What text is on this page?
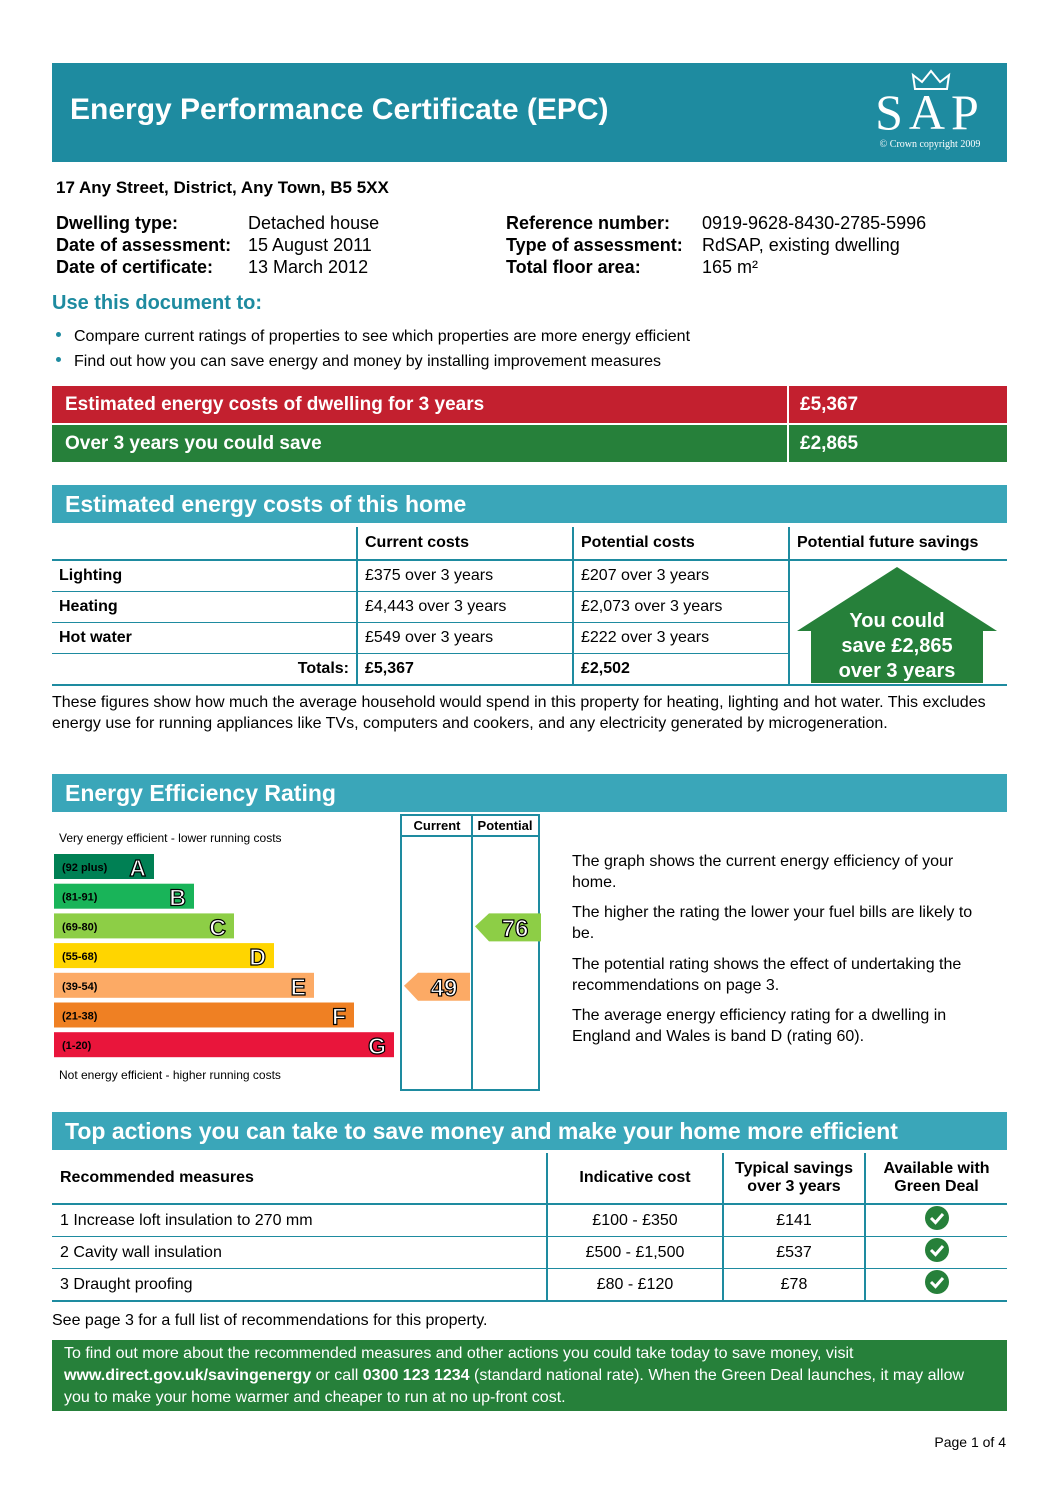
Energy Performance Certificate (EPC)	SAP
© Crown copyright 2009
17 Any Street, District, Any Town, B5 5XX
Dwelling type:	Detached house
Date of assessment: 15 August 2011
Date of certificate: 13 March 2012
Reference number: 0919-9628-8430-2785-5996
Type of assessment: RdSAP, existing dwelling
Total floor area:	165 m²
Use this document to:
Compare current ratings of properties to see which properties are more energy efficient
Find out how you can save energy and money by installing improvement measures
Estimated energy costs of dwelling for 3 years	£5,367
Over 3 years you could save	£2,865
Estimated energy costs of this home
	Current costs	Potential costs	Potential future savings
Lighting	£375 over 3 years	£207 over 3 years	
Heating	£4,443 over 3 years	£2,073 over 3 years	
Hot water	£549 over 3 years	£222 over 3 years	
Totals:	£5,367	£2,502	
You could
save £2,865
over 3 years
These figures show how much the average household would spend in this property for heating, lighting and hot water. This excludes energy use for running appliances like TVs, computers and cookers, and any electricity generated by microgeneration.
Energy Efficiency Rating
Current Potential
Very energy efficient - lower running costs
Not energy efficient - higher running costs
(92 plus) A
(81-91)	B
(69-80)	C
(55-68)	D
(39-54)	E
(21-38)	F
(1-20)	G
49
76
The graph shows the current energy efficiency of your home.
The higher the rating the lower your fuel bills are likely to be.
The potential rating shows the effect of undertaking the recommendations on page 3.
The average energy efficiency rating for a dwelling in England and Wales is band D (rating 60).
Top actions you can take to save money and make your home more efficient
Recommended measures	Indicative cost	Typical savings over 3 years	Available with Green Deal
1 Increase loft insulation to 270 mm	£100 - £350	£141	
2 Cavity wall insulation	£500 - £1,500	£537	
3 Draught proofing	£80 - £120	£78	
See page 3 for a full list of recommendations for this property.
To find out more about the recommended measures and other actions you could take today to save money, visit www.direct.gov.uk/savingenergy or call 0300 123 1234 (standard national rate). When the Green Deal launches, it may allow you to make your home warmer and cheaper to run at no up-front cost.
Page 1 of 4
